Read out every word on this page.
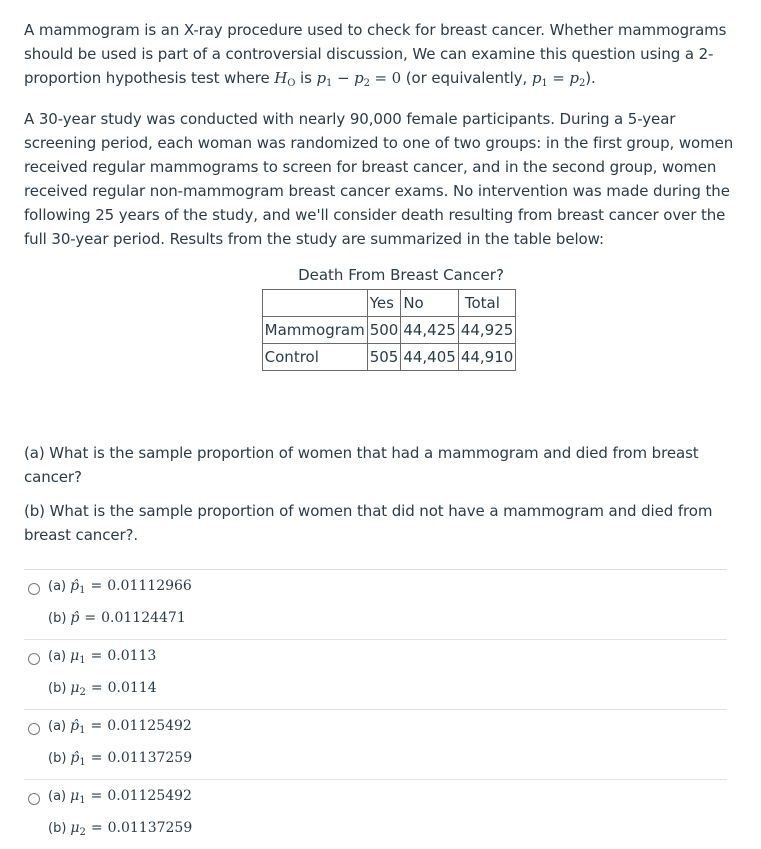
A mammogram is an X-ray procedure used to check for breast cancer. Whether mammograms should be used is part of a controversial discussion, We can examine this question using a 2-proportion hypothesis test where $H_O$ is $p_1 - p_2 = 0$ (or equivalently, $p_1 = p_2$).

A 30-year study was conducted with nearly 90,000 female participants. During a 5-year screening period, each woman was randomized to one of two groups: in the first group, women received regular mammograms to screen for breast cancer, and in the second group, women received regular non-mammogram breast cancer exams. No intervention was made during the following 25 years of the study, and we'll consider death resulting from breast cancer over the full 30-year period. Results from the study are summarized in the table below:

Death From Breast Cancer?
	Yes	No	Total
Mammogram	500	44,425	44,925
Control	505	44,405	44,910

(a) What is the sample proportion of women that had a mammogram and died from breast cancer?

(b) What is the sample proportion of women that did not have a mammogram and died from breast cancer?.

(a) $p̂_1 = 0.01112966$
(b) p̂ = 0.01124471
(a) $\mu_1 = 0.0113$
(b) $\mu_2 = 0.0114$
(a) $p̂_1 = 0.01125492$
(b) $p̂_1 = 0.01137259$
(a) $\mu_1 = 0.01125492$
(b) $\mu_2 = 0.01137259$
